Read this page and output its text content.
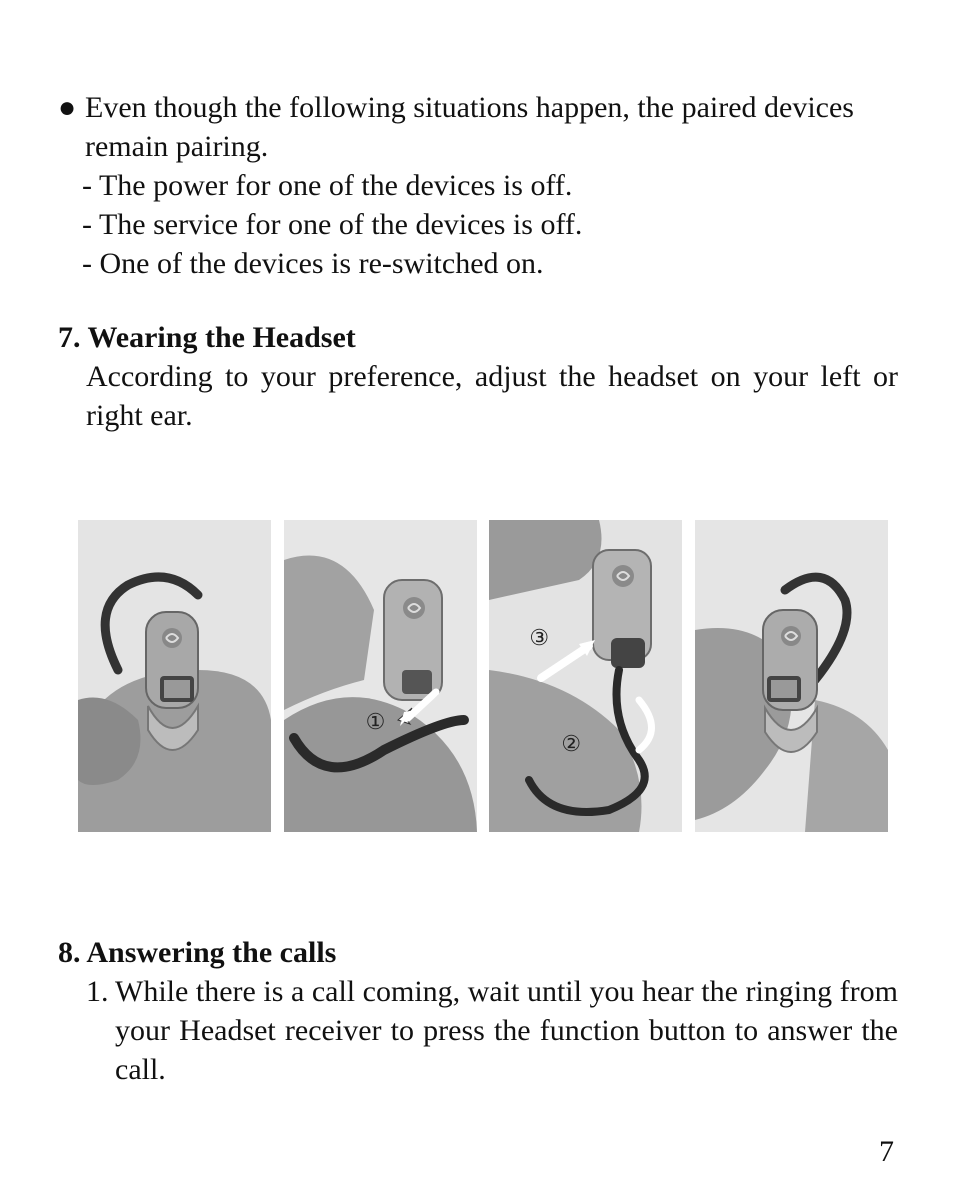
● Even though the following situations happen, the paired devices remain pairing.
- The power for one of the devices is off.
- The service for one of the devices is off.
- One of the devices is re-switched on.
7. Wearing the Headset
According to your preference, adjust the headset on your left or right ear.
①
③
②
8. Answering the calls
1. While there is a call coming, wait until you hear the ringing from your Headset receiver to press the function button to answer the call.
7
